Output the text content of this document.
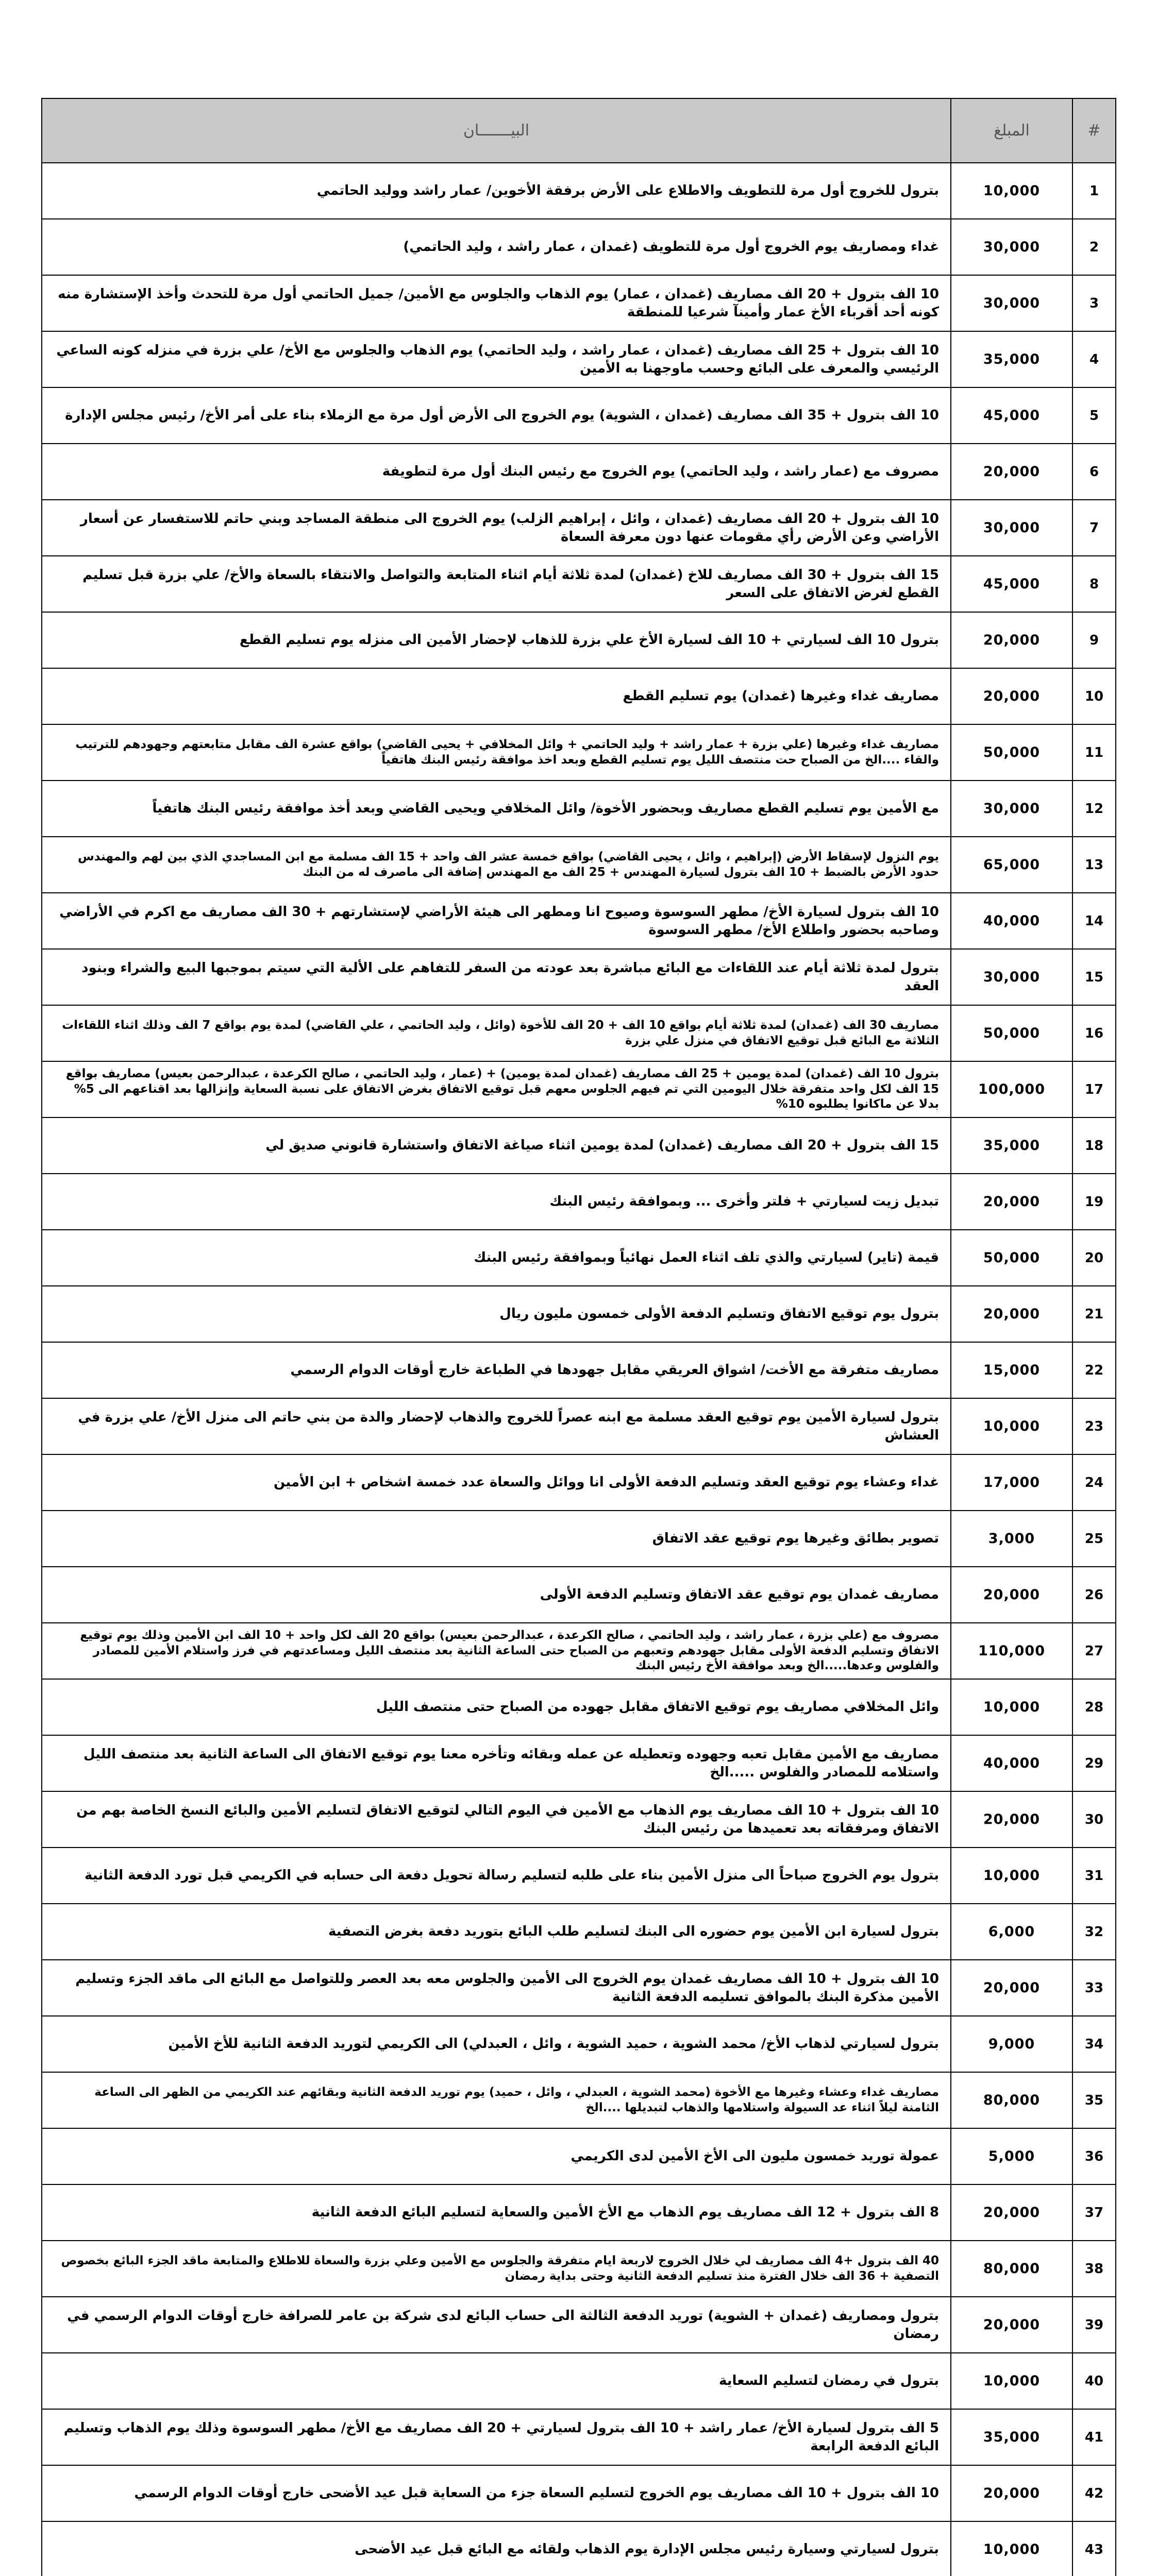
#	المبلغ	البيـــــــان
1	10,000	بترول للخروج أول مرة للتطويف والاطلاع على الأرض برفقة الأخوين/ عمار راشد ووليد الحاتمي
2	30,000	غداء ومصاريف يوم الخروج أول مرة للتطويف (غمدان ، عمار راشد ، وليد الحاتمي)
3	30,000	10 الف بترول + 20 الف مصاريف (غمدان ، عمار) يوم الذهاب والجلوس مع الأمين/ جميل الحاتمي أول مرة للتحدث وأخذ الإستشارة منه كونه أحد أقرباء الأخ عمار وأمينآ شرعيا للمنطقة
4	35,000	10 الف بترول + 25 الف مصاريف (غمدان ، عمار راشد ، وليد الحاتمي) يوم الذهاب والجلوس مع الأخ/ علي بزرة في منزله كونه الساعي الرئيسي والمعرف على البائع وحسب ماوجهنا به الأمين
5	45,000	10 الف بترول + 35 الف مصاريف (غمدان ، الشوية) يوم الخروج الى الأرض أول مرة مع الزملاء بناء على أمر الأخ/ رئيس مجلس الإدارة
6	20,000	مصروف مع (عمار راشد ، وليد الحاتمي) يوم الخروج مع رئيس البنك أول مرة لتطويفة
7	30,000	10 الف بترول + 20 الف مصاريف (غمدان ، وائل ، إبراهيم الزلب) يوم الخروج الى منطقة المساجد وبني حاتم للاستفسار عن أسعار الأراضي وعن الأرض رأي مقومات عنها دون معرفة السعاة
8	45,000	15 الف بترول + 30 الف مصاريف للاخ (غمدان) لمدة ثلاثة أيام اثناء المتابعة والتواصل والانتقاء بالسعاة والأخ/ علي بزرة قبل تسليم القطع لغرض الاتفاق على السعر
9	20,000	بترول 10 الف لسيارتي + 10 الف لسيارة الأخ علي بزرة للذهاب لإحضار الأمين الى منزله يوم تسليم القطع
10	20,000	مصاريف غداء وغيرها (غمدان) يوم تسليم القطع
11	50,000	مصاريف غداء وغيرها (علي بزرة + عمار راشد + وليد الحاتمي + وائل المخلافي + يحيى القاضي) بواقع عشرة الف مقابل متابعتهم وجهودهم للترتيب والقاء ....الخ من الصباح حت منتصف الليل يوم تسليم القطع وبعد اخذ موافقة رئيس البنك هاتفياً
12	30,000	مع الأمين يوم تسليم القطع مصاريف وبحضور الأخوة/ وائل المخلافي ويحيى القاضي وبعد أخذ موافقة رئيس البنك هاتفياً
13	65,000	يوم النزول لإسقاط الأرض (إبراهيم ، وائل ، يحيى القاضي) بواقع خمسة عشر الف واحد + 15 الف مسلمة مع ابن المساجدي الذي بين لهم والمهندس حدود الأرض بالضبط + 10 الف بترول لسيارة المهندس + 25 الف مع المهندس إضافة الى ماصرف له من البنك
14	40,000	10 الف بترول لسيارة الأخ/ مطهر السوسوة وصيوح انا ومطهر الى هيئة الأراضي لإستشارتهم + 30 الف مصاريف مع اكرم في الأراضي وصاحبه بحضور واطلاع الأخ/ مطهر السوسوة
15	30,000	بترول لمدة ثلاثة أيام عند اللقاءات مع البائع مباشرة بعد عودته من السفر للتفاهم على الألية التي سيتم بموجبها البيع والشراء وبنود العقد
16	50,000	مصاريف 30 الف (غمدان) لمدة ثلاثة أيام بواقع 10 الف + 20 الف للأخوة (وائل ، وليد الحاتمي ، علي القاضي) لمدة يوم بواقع 7 الف وذلك اثناء اللقاءات الثلاثة مع البائع قبل توقيع الاتفاق في منزل علي بزرة
17	100,000	بترول 10 الف (غمدان) لمدة يومين + 25 الف مصاريف (غمدان لمدة يومين) + (عمار ، وليد الحاتمي ، صالح الكرعدة ، عبدالرحمن بعيس) مصاريف بواقع 15 الف لكل واحد متفرقة خلال اليومين التي تم فيهم الجلوس معهم قبل توقيع الاتفاق بغرض الاتفاق على نسبة السعاية وإنزالها بعد اقناعهم الى 5% بدلا عن ماكانوا يطلبوه 10%
18	35,000	15 الف بترول + 20 الف مصاريف (غمدان) لمدة يومين اثناء صياغة الاتفاق واستشارة قانوني صديق لي
19	20,000	تبديل زيت لسيارتي + فلتر وأخرى ... وبموافقة رئيس البنك
20	50,000	قيمة (تاير) لسيارتي والذي تلف اثناء العمل نهائياً وبموافقة رئيس البنك
21	20,000	بترول يوم توقيع الاتفاق وتسليم الدفعة الأولى خمسون مليون ريال
22	15,000	مصاريف متفرقة مع الأخت/ اشواق العريقي مقابل جهودها في الطباعة خارج أوقات الدوام الرسمي
23	10,000	بترول لسيارة الأمين يوم توقيع العقد مسلمة مع ابنه عصراً للخروج والذهاب لإحضار والدة من بني حاتم الى منزل الأخ/ علي بزرة في العشاش
24	17,000	غداء وعشاء يوم توقيع العقد وتسليم الدفعة الأولى انا ووائل والسعاة عدد خمسة اشخاص + ابن الأمين
25	3,000	تصوير بطائق وغيرها يوم توقيع عقد الاتفاق
26	20,000	مصاريف غمدان يوم توقيع عقد الاتفاق وتسليم الدفعة الأولى
27	110,000	مصروف مع (علي بزرة ، عمار راشد ، وليد الحاتمي ، صالح الكرعدة ، عبدالرحمن بعيس) بواقع 20 الف لكل واحد + 10 الف ابن الأمين وذلك يوم توقيع الاتفاق وتسليم الدفعة الأولى مقابل جهودهم وتعبهم من الصباح حتى الساعة الثانية بعد منتصف الليل ومساعدتهم في فرز واستلام الأمين للمصادر والفلوس وعدها.....الخ وبعد موافقة الأخ رئيس البنك
28	10,000	وائل المخلافي مصاريف يوم توقيع الاتفاق مقابل جهوده من الصباح حتى منتصف الليل
29	40,000	مصاريف مع الأمين مقابل تعبه وجهوده وتعطيله عن عمله وبقائه وتأخره معنا يوم توقيع الاتفاق الى الساعة الثانية بعد منتصف الليل واستلامه للمصادر والفلوس .....الخ
30	20,000	10 الف بترول + 10 الف مصاريف يوم الذهاب مع الأمين في اليوم التالي لتوقيع الاتفاق لتسليم الأمين والبائع النسخ الخاصة بهم من الاتفاق ومرفقاته بعد تعميدها من رئيس البنك
31	10,000	بترول يوم الخروج صباحاً الى منزل الأمين بناء على طلبه لتسليم رسالة تحويل دفعة الى حسابه في الكريمي قبل تورد الدفعة الثانية
32	6,000	بترول لسيارة ابن الأمين يوم حضوره الى البنك لتسليم طلب البائع بتوريد دفعة بغرض التصفية
33	20,000	10 الف بترول + 10 الف مصاريف غمدان يوم الخروج الى الأمين والجلوس معه بعد العصر وللتواصل مع البائع الى ماقد الجزء وتسليم الأمين مذكرة البنك بالموافق تسليمه الدفعة الثانية
34	9,000	بترول لسيارتي لذهاب الأخ/ محمد الشوية ، حميد الشوية ، وائل ، العبدلي) الى الكريمي لتوريد الدفعة الثانية للأخ الأمين
35	80,000	مصاريف غداء وعشاء وغيرها مع الأخوة (محمد الشوية ، العبدلي ، وائل ، حميد) يوم توريد الدفعة الثانية وبقائهم عند الكريمي من الظهر الى الساعة الثامنة ليلاً اثناء عد السيولة واستلامها والذهاب لتبديلها ....الخ
36	5,000	عمولة توريد خمسون مليون الى الأخ الأمين لدى الكريمي
37	20,000	8 الف بترول + 12 الف مصاريف يوم الذهاب مع الأخ الأمين والسعاية لتسليم البائع الدفعة الثانية
38	80,000	40 الف بترول +4 الف مصاريف لي خلال الخروج لاربعة ايام متفرقة والجلوس مع الأمين وعلي بزرة والسعاة للاطلاع والمتابعة ماقد الجزء البائع بخصوص التصفية + 36 الف خلال الفترة منذ تسليم الدفعة الثانية وحتى بداية رمضان
39	20,000	بترول ومصاريف (غمدان + الشوية) توريد الدفعة الثالثة الى حساب البائع لدى شركة بن عامر للصرافة خارج أوقات الدوام الرسمي في رمضان
40	10,000	بترول في رمضان لتسليم السعاية
41	35,000	5 الف بترول لسيارة الأخ/ عمار راشد + 10 الف بترول لسيارتي + 20 الف مصاريف مع الأخ/ مطهر السوسوة وذلك يوم الذهاب وتسليم البائع الدفعة الرابعة
42	20,000	10 الف بترول + 10 الف مصاريف يوم الخروج لتسليم السعاة جزء من السعاية قبل عيد الأضحى خارج أوقات الدوام الرسمي
43	10,000	بترول لسيارتي وسيارة رئيس مجلس الإدارة يوم الذهاب ولقائه مع البائع قبل عيد الأضحى
